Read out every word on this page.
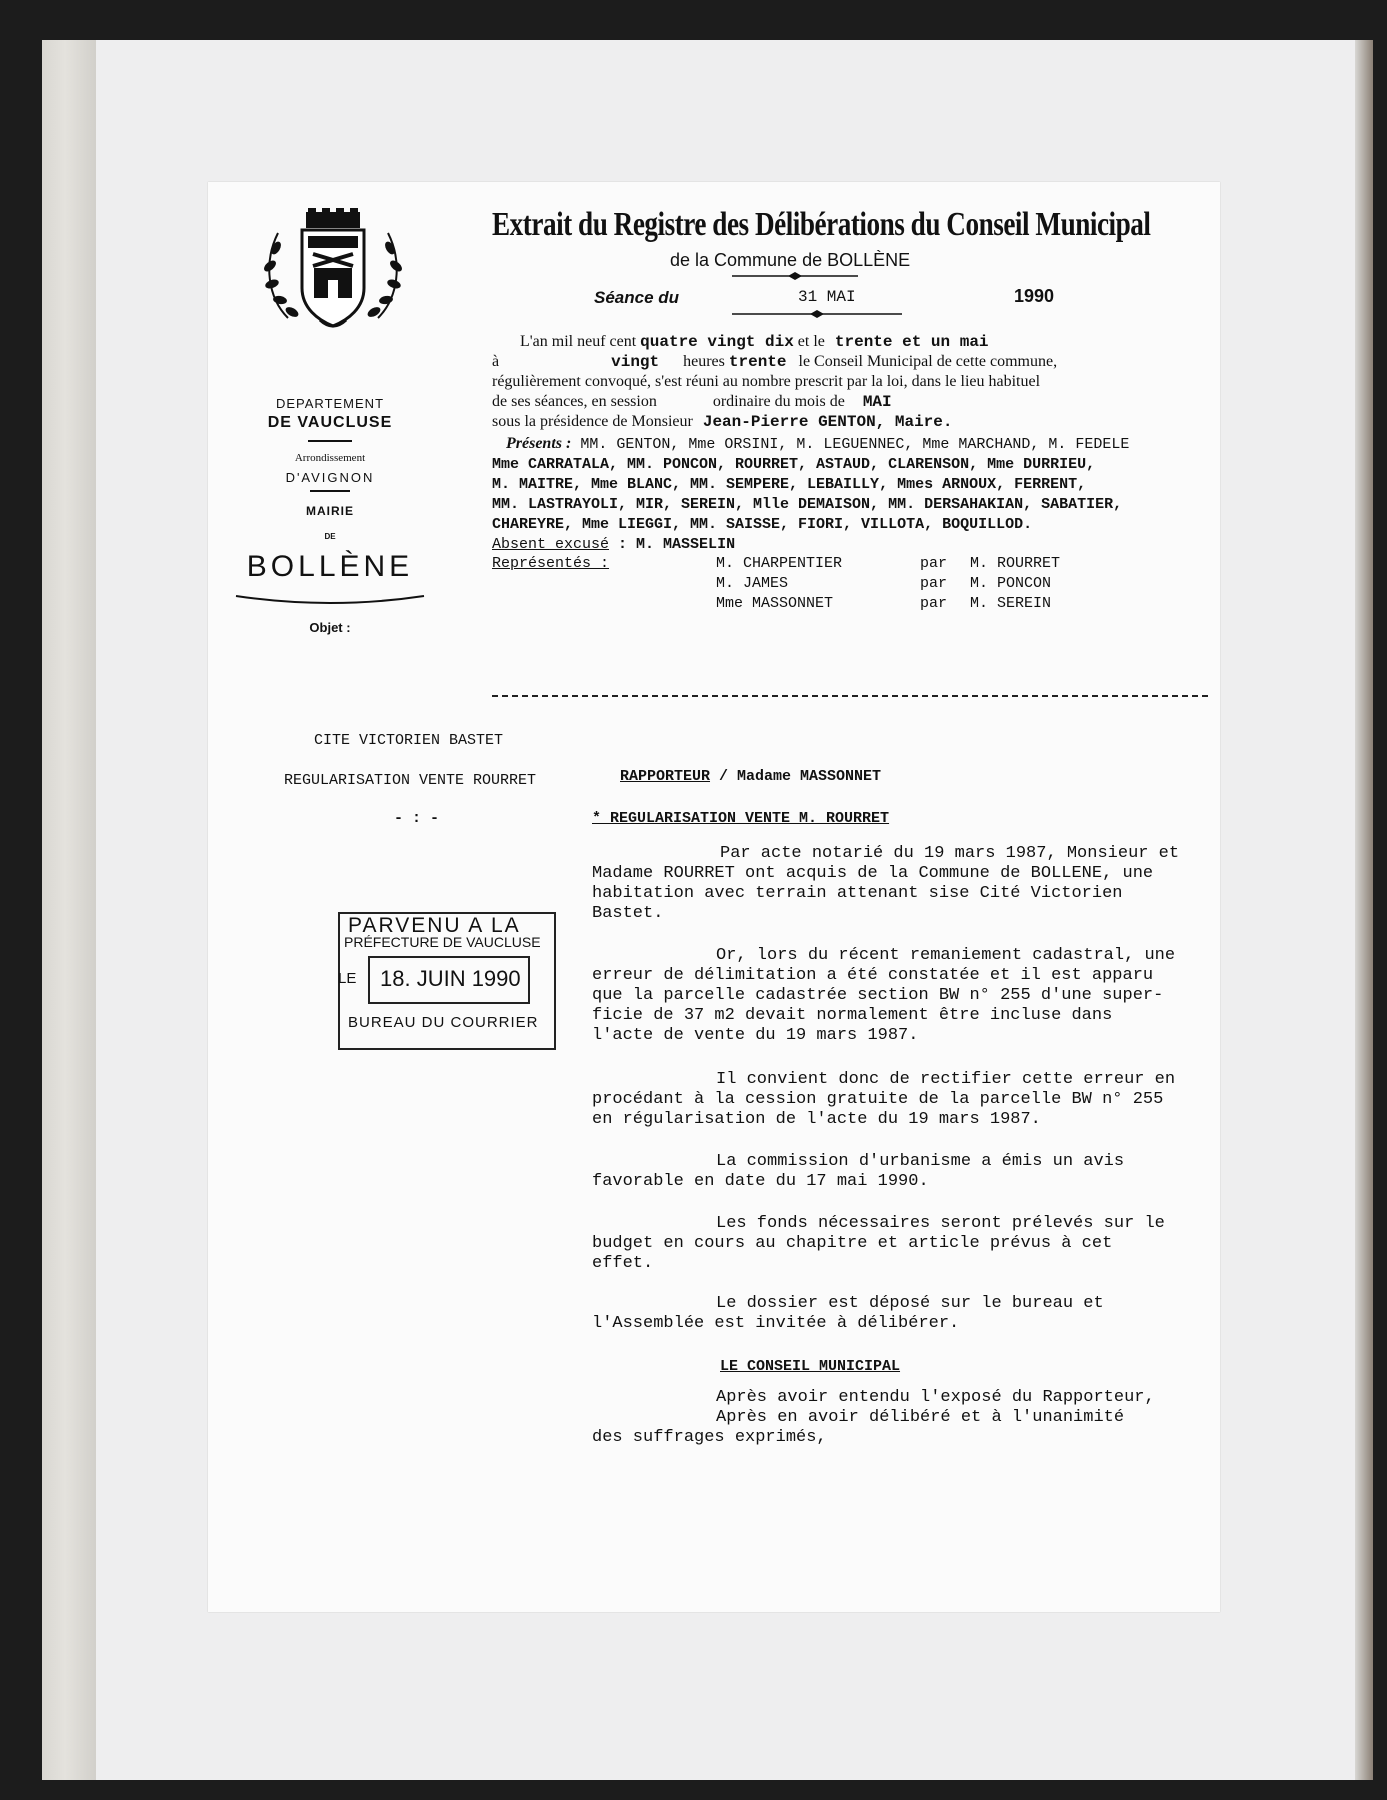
DEPARTEMENT
DE VAUCLUSE
Arrondissement
D'AVIGNON
MAIRIE
DE
BOLLÈNE
Objet :
Extrait du Registre des Délibérations du Conseil Municipal
de la Commune de BOLLÈNE
Séance du	31 MAI	1990
L'an mil neuf cent quatre vingt dix et le trente et un mai
à	vingt heures trente le Conseil Municipal de cette commune,
régulièrement convoqué, s'est réuni au nombre prescrit par la loi, dans le lieu habituel
de ses séances, en session	ordinaire du mois de MAI
sous la présidence de Monsieur Jean-Pierre GENTON, Maire.
Présents : MM. GENTON, Mme ORSINI, M. LEGUENNEC, Mme MARCHAND, M. FEDELE
Mme CARRATALA, MM. PONCON, ROURRET, ASTAUD, CLARENSON, Mme DURRIEU,
M. MAITRE, Mme BLANC, MM. SEMPERE, LEBAILLY, Mmes ARNOUX, FERRENT,
MM. LASTRAYOLI, MIR, SEREIN, Mlle DEMAISON, MM. DERSAHAKIAN, SABATIER,
CHAREYRE, Mme LIEGGI, MM. SAISSE, FIORI, VILLOTA, BOQUILLOD.
Absent excusé : M. MASSELIN
Représentés :	M. CHARPENTIER	par M. ROURRET
M. JAMES	par M. PONCON
Mme MASSONNET	par M. SEREIN
CITE VICTORIEN BASTET
REGULARISATION VENTE ROURRET
- : -
PARVENU A LA
PRÉFECTURE DE VAUCLUSE
LE 18. JUIN 1990
BUREAU DU COURRIER
RAPPORTEUR / Madame MASSONNET
* REGULARISATION VENTE M. ROURRET
Par acte notarié du 19 mars 1987, Monsieur et
Madame ROURRET ont acquis de la Commune de BOLLENE, une
habitation avec terrain attenant sise Cité Victorien
Bastet.
Or, lors du récent remaniement cadastral, une
erreur de délimitation a été constatée et il est apparu
que la parcelle cadastrée section BW n° 255 d'une super-
ficie de 37 m2 devait normalement être incluse dans
l'acte de vente du 19 mars 1987.
Il convient donc de rectifier cette erreur en
procédant à la cession gratuite de la parcelle BW n° 255
en régularisation de l'acte du 19 mars 1987.
La commission d'urbanisme a émis un avis
favorable en date du 17 mai 1990.
Les fonds nécessaires seront prélevés sur le
budget en cours au chapitre et article prévus à cet
effet.
Le dossier est déposé sur le bureau et
l'Assemblée est invitée à délibérer.
LE CONSEIL MUNICIPAL
Après avoir entendu l'exposé du Rapporteur,
Après en avoir délibéré et à l'unanimité
des suffrages exprimés,
